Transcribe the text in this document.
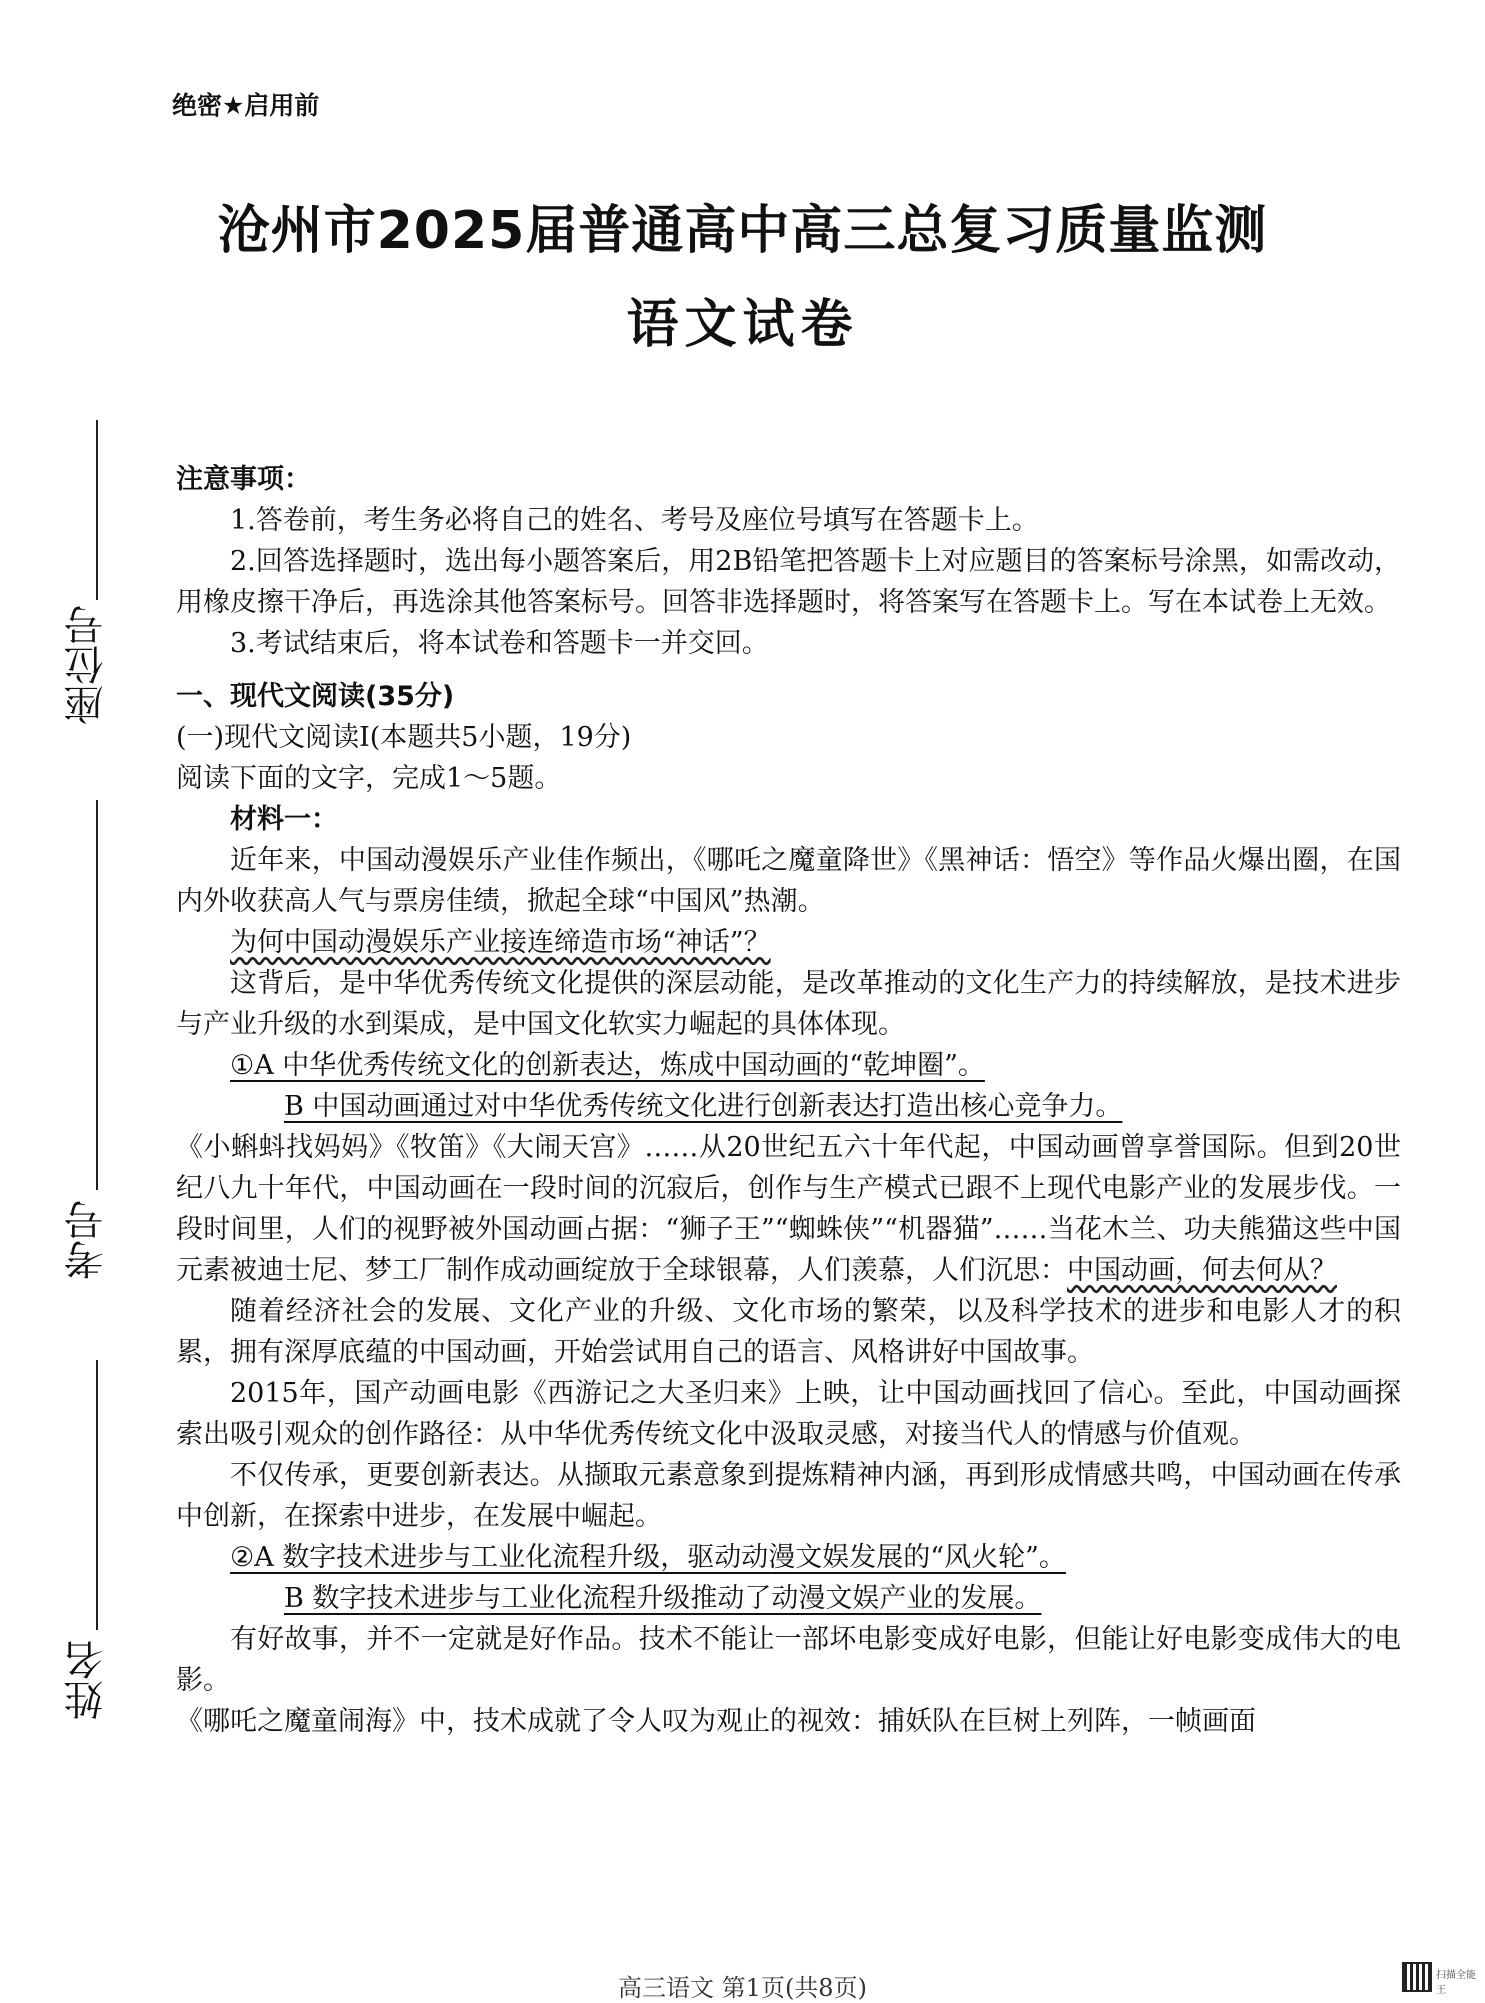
绝密★启用前
沧州市2025届普通高中高三总复习质量监测
语文试卷
座位号
考号
姓名

注意事项：

1.答卷前，考生务必将自己的姓名、考号及座位号填写在答题卡上。

2.回答选择题时，选出每小题答案后，用2B铅笔把答题卡上对应题目的答案标号涂黑，如需改动，用橡皮擦干净后，再选涂其他答案标号。回答非选择题时，将答案写在答题卡上。写在本试卷上无效。

3.考试结束后，将本试卷和答题卡一并交回。

一、现代文阅读(35分)

(一)现代文阅读Ⅰ(本题共5小题，19分)

阅读下面的文字，完成1～5题。

材料一：

近年来，中国动漫娱乐产业佳作频出，《哪吒之魔童降世》《黑神话：悟空》等作品火爆出圈，在国内外收获高人气与票房佳绩，掀起全球“中国风”热潮。

为何中国动漫娱乐产业接连缔造市场“神话”？

这背后，是中华优秀传统文化提供的深层动能，是改革推动的文化生产力的持续解放，是技术进步与产业升级的水到渠成，是中国文化软实力崛起的具体体现。

①A 中华优秀传统文化的创新表达，炼成中国动画的“乾坤圈”。

B 中国动画通过对中华优秀传统文化进行创新表达打造出核心竞争力。

《小蝌蚪找妈妈》《牧笛》《大闹天宫》……从20世纪五六十年代起，中国动画曾享誉国际。但到20世纪八九十年代，中国动画在一段时间的沉寂后，创作与生产模式已跟不上现代电影产业的发展步伐。一段时间里，人们的视野被外国动画占据：“狮子王”“蜘蛛侠”“机器猫”……当花木兰、功夫熊猫这些中国元素被迪士尼、梦工厂制作成动画绽放于全球银幕，人们羡慕，人们沉思：中国动画，何去何从？

随着经济社会的发展、文化产业的升级、文化市场的繁荣，以及科学技术的进步和电影人才的积累，拥有深厚底蕴的中国动画，开始尝试用自己的语言、风格讲好中国故事。

2015年，国产动画电影《西游记之大圣归来》上映，让中国动画找回了信心。至此，中国动画探索出吸引观众的创作路径：从中华优秀传统文化中汲取灵感，对接当代人的情感与价值观。

不仅传承，更要创新表达。从撷取元素意象到提炼精神内涵，再到形成情感共鸣，中国动画在传承中创新，在探索中进步，在发展中崛起。

②A 数字技术进步与工业化流程升级，驱动动漫文娱发展的“风火轮”。

B 数字技术进步与工业化流程升级推动了动漫文娱产业的发展。

有好故事，并不一定就是好作品。技术不能让一部坏电影变成好电影，但能让好电影变成伟大的电影。

《哪吒之魔童闹海》中，技术成就了令人叹为观止的视效：捕妖队在巨树上列阵，一帧画面

高三语文 第1页(共8页)	扫描全能王
